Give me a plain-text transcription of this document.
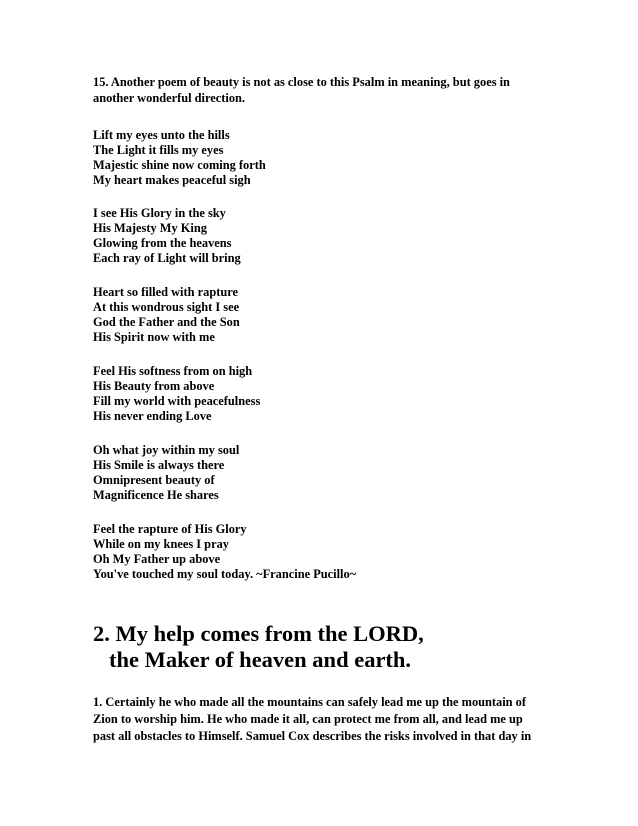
15. Another poem of beauty is not as close to this Psalm in meaning, but goes in
another wonderful direction.

Lift my eyes unto the hills
The Light it fills my eyes
Majestic shine now coming forth
My heart makes peaceful sigh

I see His Glory in the sky
His Majesty My King
Glowing from the heavens
Each ray of Light will bring

Heart so filled with rapture
At this wondrous sight I see
God the Father and the Son
His Spirit now with me

Feel His softness from on high
His Beauty from above
Fill my world with peacefulness
His never ending Love

Oh what joy within my soul
His Smile is always there
Omnipresent beauty of
Magnificence He shares

Feel the rapture of His Glory
While on my knees I pray
Oh My Father up above
You've touched my soul today. ~Francine Pucillo~

2. My help comes from the LORD,
the Maker of heaven and earth.

1. Certainly he who made all the mountains can safely lead me up the mountain of
Zion to worship him. He who made it all, can protect me from all, and lead me up
past all obstacles to Himself. Samuel Cox describes the risks involved in that day in
